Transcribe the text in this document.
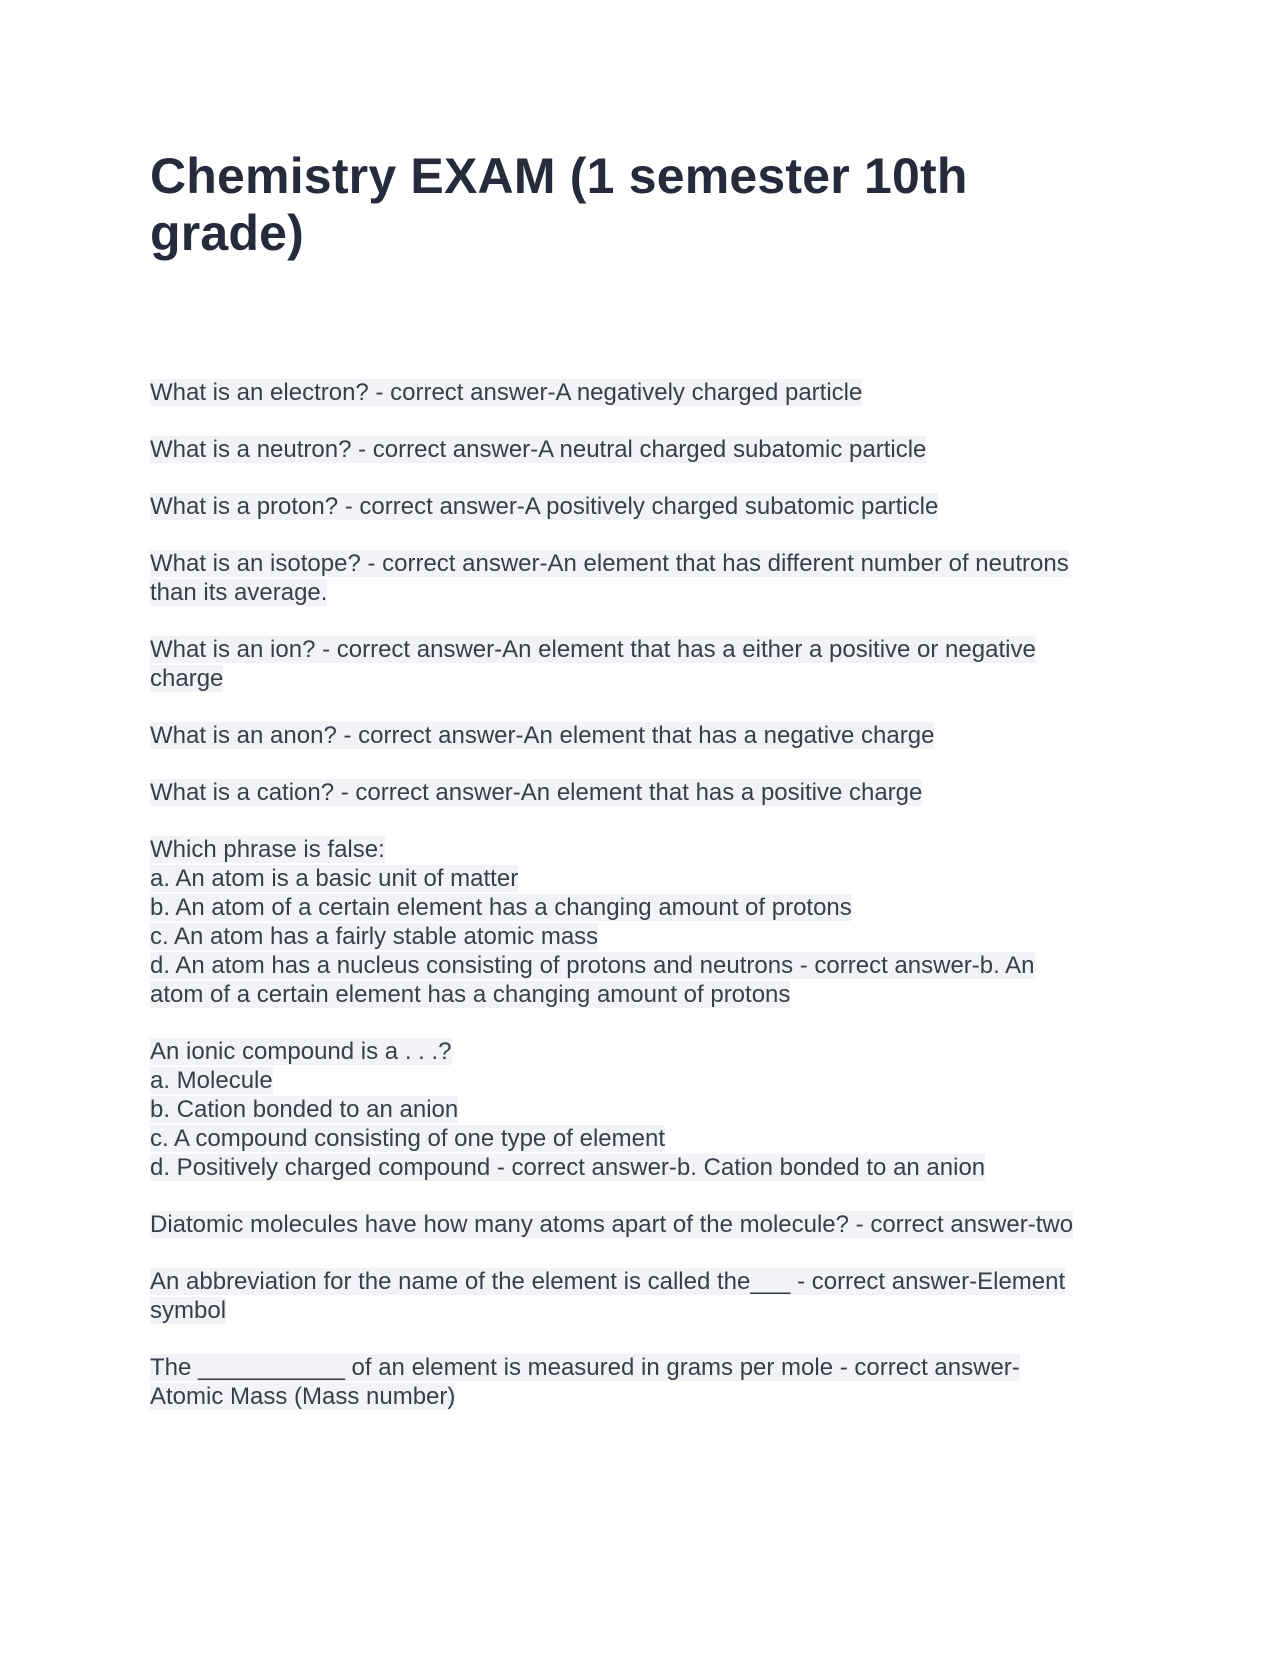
Chemistry EXAM (1 semester 10th grade)
What is an electron? - correct answer-A negatively charged particle
What is a neutron? - correct answer-A neutral charged subatomic particle
What is a proton? - correct answer-A positively charged subatomic particle
What is an isotope? - correct answer-An element that has different number of neutrons
than its average.
What is an ion? - correct answer-An element that has a either a positive or negative
charge
What is an anon? - correct answer-An element that has a negative charge
What is a cation? - correct answer-An element that has a positive charge
Which phrase is false:
a. An atom is a basic unit of matter
b. An atom of a certain element has a changing amount of protons
c. An atom has a fairly stable atomic mass
d. An atom has a nucleus consisting of protons and neutrons - correct answer-b. An
atom of a certain element has a changing amount of protons
An ionic compound is a . . .?
a. Molecule
b. Cation bonded to an anion
c. A compound consisting of one type of element
d. Positively charged compound - correct answer-b. Cation bonded to an anion
Diatomic molecules have how many atoms apart of the molecule? - correct answer-two
An abbreviation for the name of the element is called the___ - correct answer-Element
symbol
The ___________ of an element is measured in grams per mole - correct answer-
Atomic Mass (Mass number)
